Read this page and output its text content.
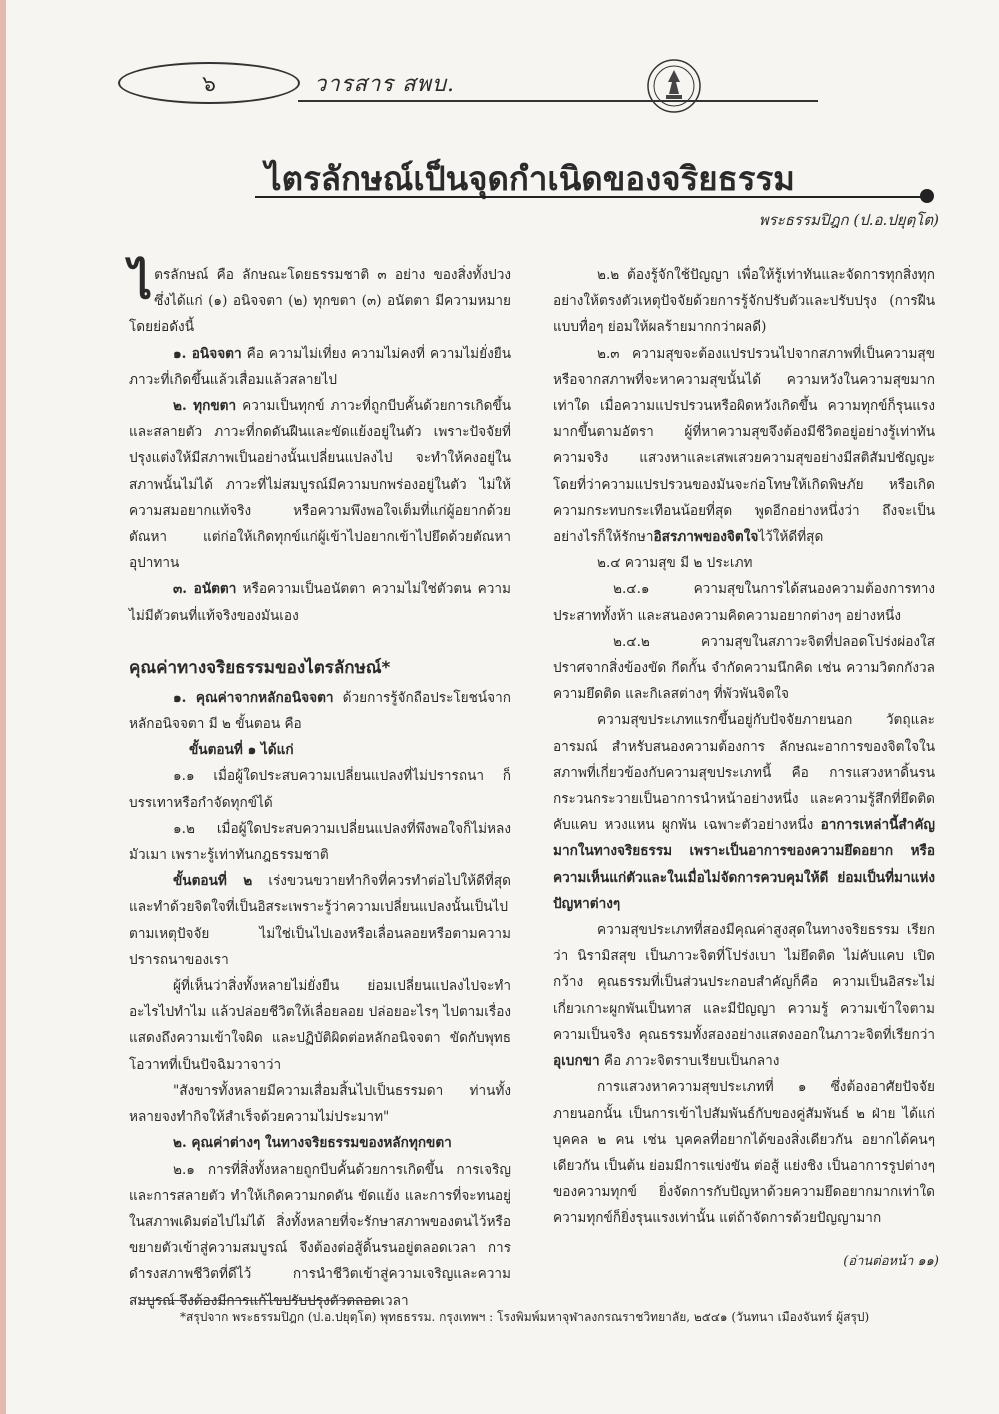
๖	วารสาร สพบ.
ไตรลักษณ์เป็นจุดกำเนิดของจริยธรรม
พระธรรมปิฎก (ป.อ.ปยุตฺโต)

ไตรลักษณ์ คือ ลักษณะโดยธรรมชาติ ๓ อย่าง ของสิ่งทั้งปวง ซึ่งได้แก่ (๑) อนิจจตา (๒) ทุกขตา (๓) อนัตตา มีความหมายโดยย่อดังนี้

๑. อนิจจตา คือ ความไม่เที่ยง ความไม่คงที่ ความไม่ยั่งยืน ภาวะที่เกิดขึ้นแล้วเสื่อมแล้วสลายไป

๒. ทุกขตา ความเป็นทุกข์ ภาวะที่ถูกบีบคั้นด้วยการเกิดขึ้นและสลายตัว ภาวะที่กดดันฝืนและขัดแย้งอยู่ในตัว เพราะปัจจัยที่ปรุงแต่งให้มีสภาพเป็นอย่างนั้นเปลี่ยนแปลงไป จะทำให้คงอยู่ในสภาพนั้นไม่ได้ ภาวะที่ไม่สมบูรณ์มีความบกพร่องอยู่ในตัว ไม่ให้ความสมอยากแท้จริง หรือความพึงพอใจเต็มที่แก่ผู้อยากด้วยตัณหา แต่ก่อให้เกิดทุกข์แก่ผู้เข้าไปอยากเข้าไปยึดด้วยตัณหาอุปาทาน

๓. อนัตตา หรือความเป็นอนัตตา ความไม่ใช่ตัวตน ความไม่มีตัวตนที่แท้จริงของมันเอง

คุณค่าทางจริยธรรมของไตรลักษณ์*

๑. คุณค่าจากหลักอนิจจตา ด้วยการรู้จักถือประโยชน์จากหลักอนิจจตา มี ๒ ขั้นตอน คือ

ขั้นตอนที่ ๑ ได้แก่

๑.๑ เมื่อผู้ใดประสบความเปลี่ยนแปลงที่ไม่ปรารถนา ก็บรรเทาหรือกำจัดทุกข์ได้

๑.๒ เมื่อผู้ใดประสบความเปลี่ยนแปลงที่พึงพอใจก็ไม่หลงมัวเมา เพราะรู้เท่าทันกฎธรรมชาติ

ขั้นตอนที่ ๒ เร่งขวนขวายทำกิจที่ควรทำต่อไปให้ดีที่สุด และทำด้วยจิตใจที่เป็นอิสระเพราะรู้ว่าความเปลี่ยนแปลงนั้นเป็นไปตามเหตุปัจจัย ไม่ใช่เป็นไปเองหรือเลื่อนลอยหรือตามความปรารถนาของเรา

ผู้ที่เห็นว่าสิ่งทั้งหลายไม่ยั่งยืน ย่อมเปลี่ยนแปลงไปจะทำอะไรไปทำไม แล้วปล่อยชีวิตให้เลื่อยลอย ปล่อยอะไรๆ ไปตามเรื่อง แสดงถึงความเข้าใจผิด และปฏิบัติผิดต่อหลักอนิจจตา ขัดกับพุทธโอวาทที่เป็นปัจฉิมวาจาว่า

"สังขารทั้งหลายมีความเสื่อมสิ้นไปเป็นธรรมดา ท่านทั้งหลายจงทำกิจให้สำเร็จด้วยความไม่ประมาท"

๒. คุณค่าต่างๆ ในทางจริยธรรมของหลักทุกขตา

๒.๑ การที่สิ่งทั้งหลายถูกบีบคั้นด้วยการเกิดขึ้น การเจริญ และการสลายตัว ทำให้เกิดความกดดัน ขัดแย้ง และการที่จะทนอยู่ในสภาพเดิมต่อไปไม่ได้ สิ่งทั้งหลายที่จะรักษาสภาพของตนไว้หรือขยายตัวเข้าสู่ความสมบูรณ์ จึงต้องต่อสู้ดิ้นรนอยู่ตลอดเวลา การดำรงสภาพชีวิตที่ดีไว้ การนำชีวิตเข้าสู่ความเจริญและความสมบูรณ์ จึงต้องมีการแก้ไขปรับปรุงตัวตลอดเวลา

๒.๒ ต้องรู้จักใช้ปัญญา เพื่อให้รู้เท่าทันและจัดการทุกสิ่งทุกอย่างให้ตรงตัวเหตุปัจจัยด้วยการรู้จักปรับตัวและปรับปรุง (การฝืนแบบทื่อๆ ย่อมให้ผลร้ายมากกว่าผลดี)

๒.๓ ความสุขจะต้องแปรปรวนไปจากสภาพที่เป็นความสุข หรือจากสภาพที่จะหาความสุขนั้นได้ ความหวังในความสุขมากเท่าใด เมื่อความแปรปรวนหรือผิดหวังเกิดขึ้น ความทุกข์ก็รุนแรงมากขึ้นตามอัตรา ผู้ที่หาความสุขจึงต้องมีชีวิตอยู่อย่างรู้เท่าทันความจริง แสวงหาและเสพเสวยความสุขอย่างมีสติสัมปชัญญะ โดยที่ว่าความแปรปรวนของมันจะก่อโทษให้เกิดพิษภัย หรือเกิดความกระทบกระเทือนน้อยที่สุด พูดอีกอย่างหนึ่งว่า ถึงจะเป็นอย่างไรก็ให้รักษาอิสรภาพของจิตใจไว้ให้ดีที่สุด

๒.๔ ความสุข มี ๒ ประเภท

๒.๔.๑ ความสุขในการได้สนองความต้องการทางประสาททั้งห้า และสนองความคิดความอยากต่างๆ อย่างหนึ่ง

๒.๔.๒ ความสุขในสภาวะจิตที่ปลอดโปร่งผ่องใสปราศจากสิ่งข้องขัด กีดกั้น จำกัดความนึกคิด เช่น ความวิตกกังวล ความยึดติด และกิเลสต่างๆ ที่พัวพันจิตใจ

ความสุขประเภทแรกขึ้นอยู่กับปัจจัยภายนอก วัตถุและอารมณ์ สำหรับสนองความต้องการ ลักษณะอาการของจิตใจในสภาพที่เกี่ยวข้องกับความสุขประเภทนี้ คือ การแสวงหาดิ้นรน กระวนกระวายเป็นอาการนำหน้าอย่างหนึ่ง และความรู้สึกที่ยึดติด คับแคบ หวงแหน ผูกพัน เฉพาะตัวอย่างหนึ่ง อาการเหล่านี้สำคัญมากในทางจริยธรรม เพราะเป็นอาการของความยึดอยาก หรือความเห็นแก่ตัวและในเมื่อไม่จัดการควบคุมให้ดี ย่อมเป็นที่มาแห่งปัญหาต่างๆ

ความสุขประเภทที่สองมีคุณค่าสูงสุดในทางจริยธรรม เรียกว่า นิรามิสสุข เป็นภาวะจิตที่โปร่งเบา ไม่ยึดติด ไม่คับแคบ เปิดกว้าง คุณธรรมที่เป็นส่วนประกอบสำคัญก็คือ ความเป็นอิสระไม่เกี่ยวเกาะผูกพันเป็นทาส และมีปัญญา ความรู้ ความเข้าใจตามความเป็นจริง คุณธรรมทั้งสองอย่างแสดงออกในภาวะจิตที่เรียกว่า อุเบกขา คือ ภาวะจิตราบเรียบเป็นกลาง

การแสวงหาความสุขประเภทที่ ๑ ซึ่งต้องอาศัยปัจจัยภายนอกนั้น เป็นการเข้าไปสัมพันธ์กับของคู่สัมพันธ์ ๒ ฝ่าย ได้แก่ บุคคล ๒ คน เช่น บุคคลที่อยากได้ของสิ่งเดียวกัน อยากได้คนๆ เดียวกัน เป็นต้น ย่อมมีการแข่งขัน ต่อสู้ แย่งชิง เป็นอาการรูปต่างๆ ของความทุกข์ ยิ่งจัดการกับปัญหาด้วยความยึดอยากมากเท่าใดความทุกข์ก็ยิ่งรุนแรงเท่านั้น แต่ถ้าจัดการด้วยปัญญามาก

(อ่านต่อหน้า ๑๑)
*สรุปจาก พระธรรมปิฎก (ป.อ.ปยุตฺโต) พุทธธรรม. กรุงเทพฯ : โรงพิมพ์มหาจุฬาลงกรณราชวิทยาลัย, ๒๕๔๑ (วันทนา เมืองจันทร์ ผู้สรุป)
